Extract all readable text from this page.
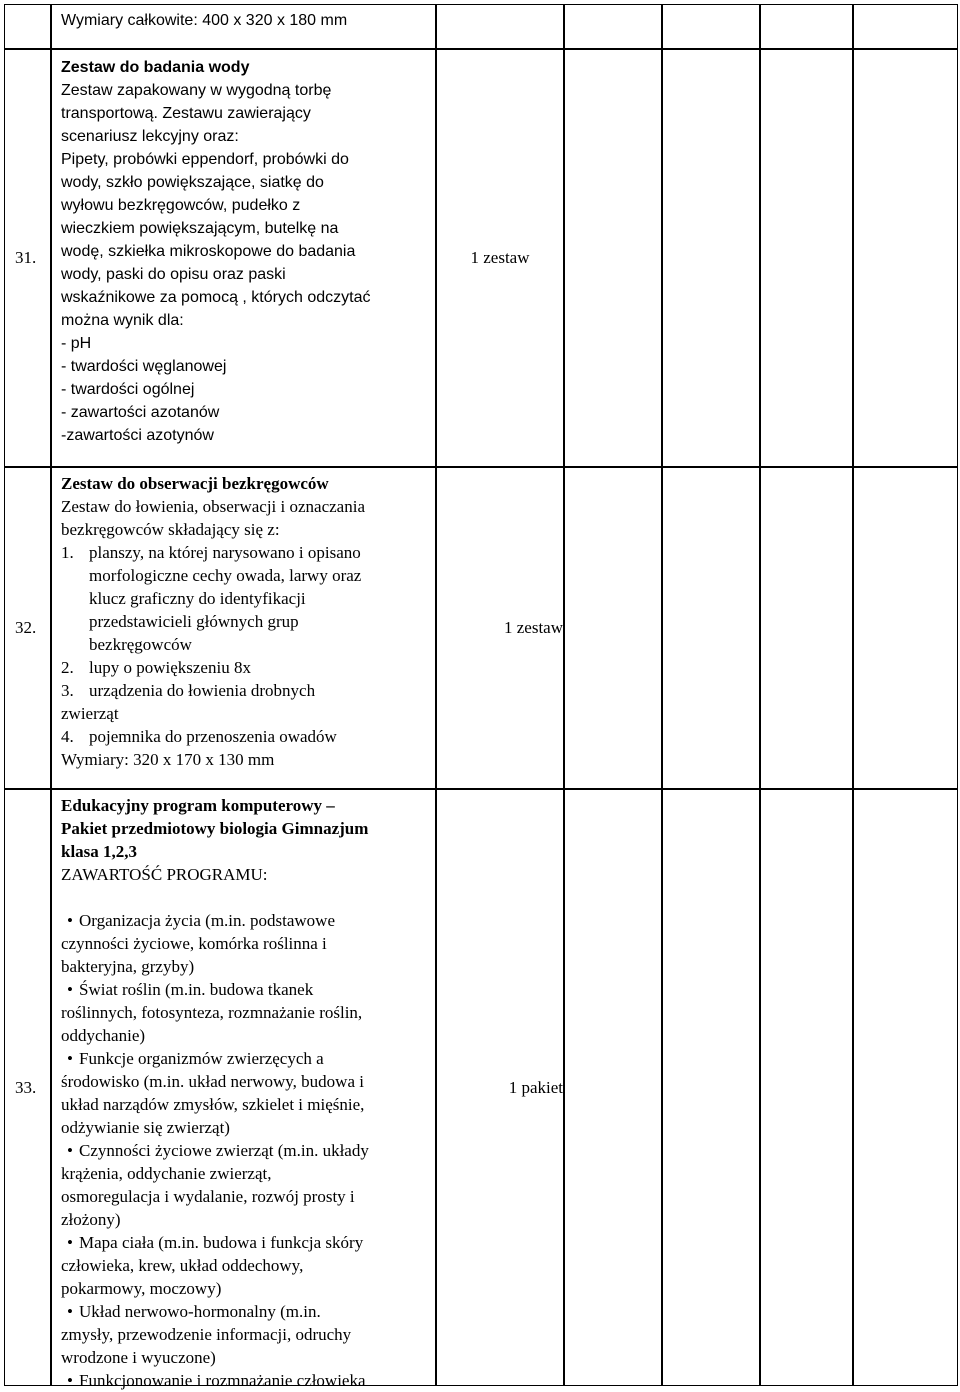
Wymiary całkowite: 400 x 320 x 180 mm
31.
Zestaw do badania wody
Zestaw zapakowany w wygodną torbę
transportową. Zestawu zawierający
scenariusz lekcyjny oraz:
Pipety, probówki eppendorf, probówki do
wody, szkło powiększające, siatkę do
wyłowu bezkręgowców, pudełko z
wieczkiem powiększającym, butelkę na
wodę, szkiełka mikroskopowe do badania
wody, paski do opisu oraz paski
wskaźnikowe za pomocą , których odczytać
można wynik dla:
- pH
- twardości węglanowej
- twardości ogólnej
- zawartości azotanów
-zawartości azotynów
1 zestaw
32.
Zestaw do obserwacji bezkręgowców
Zestaw do łowienia, obserwacji i oznaczania
bezkręgowców składający się z:
1. planszy, na której narysowano i opisano
morfologiczne cechy owada, larwy oraz
klucz graficzny do identyfikacji
przedstawicieli głównych grup
bezkręgowców
2. lupy o powiększeniu 8x
3. urządzenia do łowienia drobnych
zwierząt
4. pojemnika do przenoszenia owadów
Wymiary: 320 x 170 x 130 mm
1 zestaw
33.
Edukacyjny program komputerowy –
Pakiet przedmiotowy biologia Gimnazjum
klasa 1,2,3
ZAWARTOŚĆ PROGRAMU:
• Organizacja życia (m.in. podstawowe
czynności życiowe, komórka roślinna i
bakteryjna, grzyby)
• Świat roślin (m.in. budowa tkanek
roślinnych, fotosynteza, rozmnażanie roślin,
oddychanie)
• Funkcje organizmów zwierzęcych a
środowisko (m.in. układ nerwowy, budowa i
układ narządów zmysłów, szkielet i mięśnie,
odżywianie się zwierząt)
• Czynności życiowe zwierząt (m.in. układy
krążenia, oddychanie zwierząt,
osmoregulacja i wydalanie, rozwój prosty i
złożony)
• Mapa ciała (m.in. budowa i funkcja skóry
człowieka, krew, układ oddechowy,
pokarmowy, moczowy)
• Układ nerwowo-hormonalny (m.in.
zmysły, przewodzenie informacji, odruchy
wrodzone i wyuczone)
• Funkcjonowanie i rozmnażanie człowieka
1 pakiet
